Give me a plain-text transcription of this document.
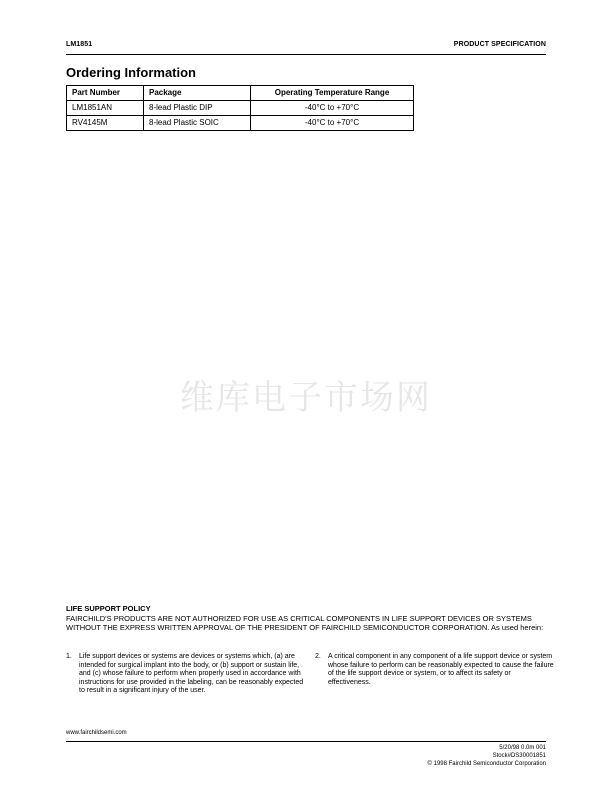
LM1851	PRODUCT SPECIFICATION
Ordering Information
Part Number	Package	Operating Temperature Range
LM1851AN	8-lead Plastic DIP	-40°C to +70°C
RV4145M	8-lead Plastic SOIC	-40°C to +70°C
维库电子市场网
LIFE SUPPORT POLICY
FAIRCHILD'S PRODUCTS ARE NOT AUTHORIZED FOR USE AS CRITICAL COMPONENTS IN LIFE SUPPORT DEVICES OR SYSTEMS WITHOUT THE EXPRESS WRITTEN APPROVAL OF THE PRESIDENT OF FAIRCHILD SEMICONDUCTOR CORPORATION. As used herein:
1. Life support devices or systems are devices or systems which, (a) are intended for surgical implant into the body, or (b) support or sustain life, and (c) whose failure to perform when properly used in accordance with instructions for use provided in the labeling, can be reasonably expected to result in a significant injury of the user.
2. A critical component in any component of a life support device or system whose failure to perform can be reasonably expected to cause the failure of the life support device or system, or to affect its safety or effectiveness.
www.fairchildsemi.com
5/20/98 0.0m 001
Stock#DS30001851
© 1998 Fairchild Semiconductor Corporation
